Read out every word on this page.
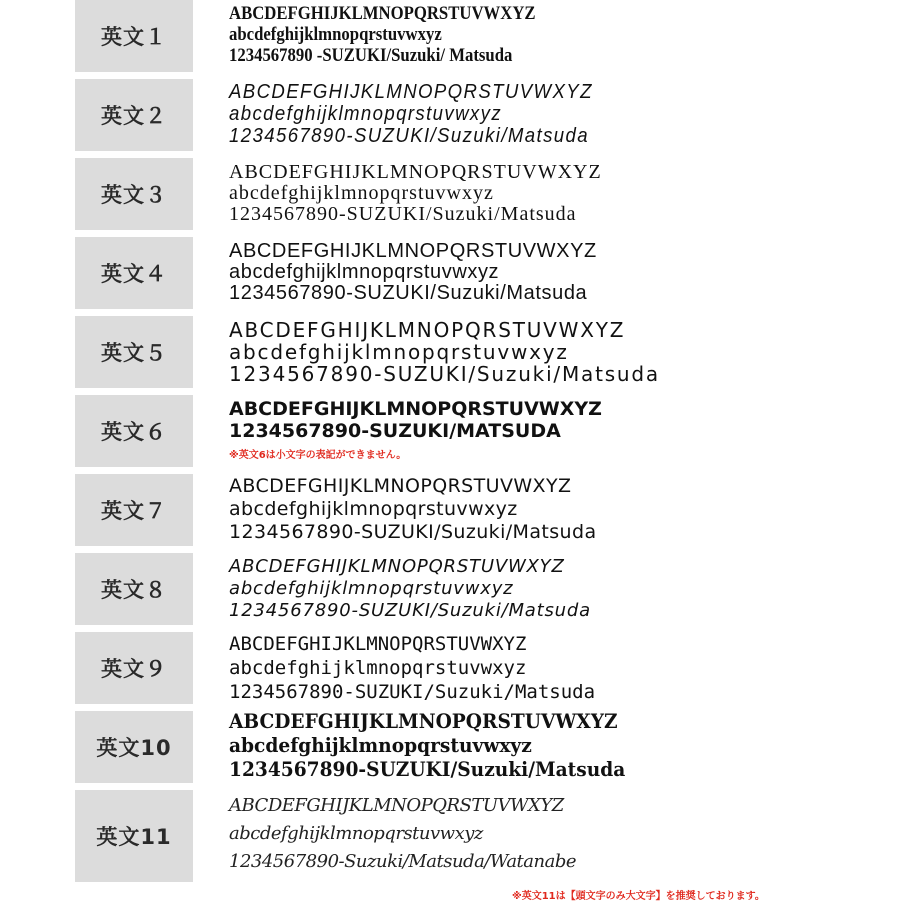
英文１
ABCDEFGHIJKLMNOPQRSTUVWXYZ
abcdefghijklmnopqrstuvwxyz
1234567890 -SUZUKI/Suzuki/ Matsuda
英文２
ABCDEFGHIJKLMNOPQRSTUVWXYZ
abcdefghijklmnopqrstuvwxyz
1234567890-SUZUKI/Suzuki/Matsuda
英文３
ABCDEFGHIJKLMNOPQRSTUVWXYZ
abcdefghijklmnopqrstuvwxyz
1234567890-SUZUKI/Suzuki/Matsuda
英文４
ABCDEFGHIJKLMNOPQRSTUVWXYZ
abcdefghijklmnopqrstuvwxyz
1234567890-SUZUKI/Suzuki/Matsuda
英文５
ABCDEFGHIJKLMNOPQRSTUVWXYZ
abcdefghijklmnopqrstuvwxyz
1234567890-SUZUKI/Suzuki/Matsuda
英文６
ABCDEFGHIJKLMNOPQRSTUVWXYZ
1234567890-SUZUKI/MATSUDA
※英文6は小文字の表記ができません。
英文７
ABCDEFGHIJKLMNOPQRSTUVWXYZ
abcdefghijklmnopqrstuvwxyz
1234567890-SUZUKI/Suzuki/Matsuda
英文８
ABCDEFGHIJKLMNOPQRSTUVWXYZ
abcdefghijklmnopqrstuvwxyz
1234567890-SUZUKI/Suzuki/Matsuda
英文９
ABCDEFGHIJKLMNOPQRSTUVWXYZ
abcdefghijklmnopqrstuvwxyz
1234567890-SUZUKI/Suzuki/Matsuda
英文10
ABCDEFGHIJKLMNOPQRSTUVWXYZ
abcdefghijklmnopqrstuvwxyz
1234567890-SUZUKI/Suzuki/Matsuda
英文11
ABCDEFGHIJKLMNOPQRSTUVWXYZ
abcdefghijklmnopqrstuvwxyz
1234567890-Suzuki/Matsuda/Watanabe
※英文11は【頭文字のみ大文字】を推奨しております。
